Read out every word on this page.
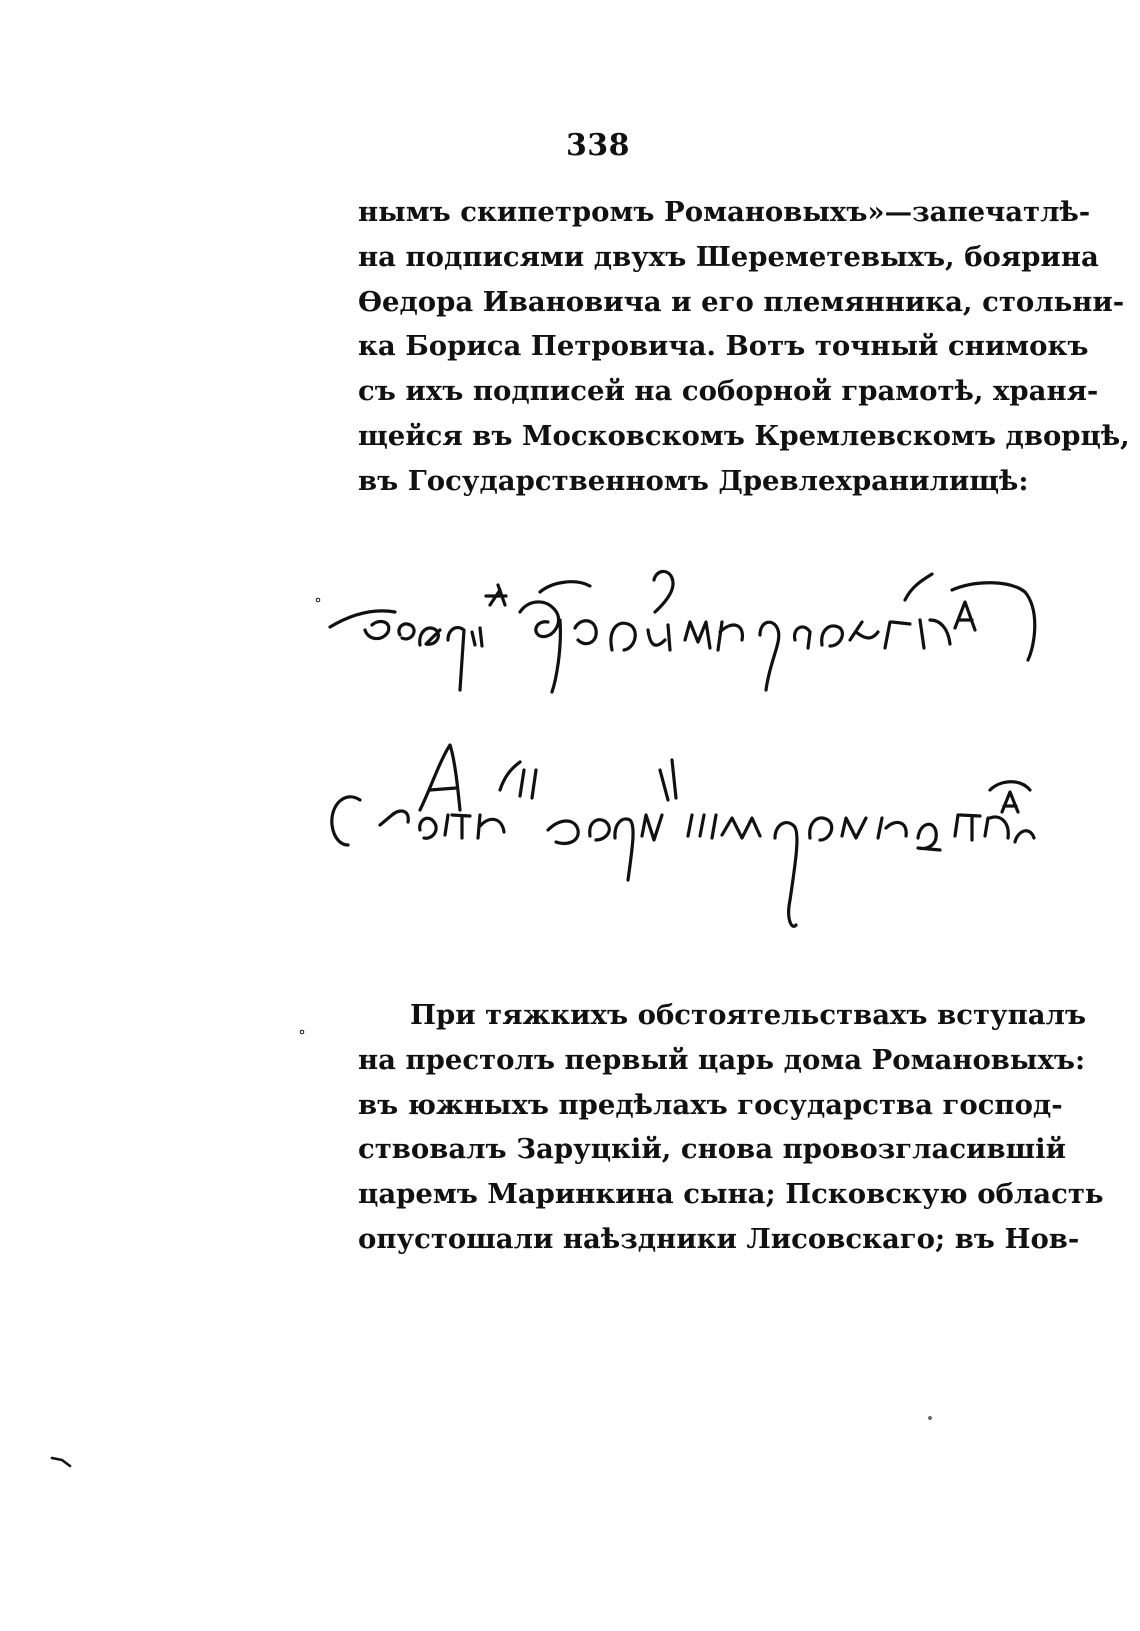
338
нымъ скипетромъ Романовыхъ»—запечатлѣ-
на подписями двухъ Шереметевыхъ, боярина
Өедора Ивановича и его племянника, стольни-
ка Бориса Петровича. Вотъ точный снимокъ
съ ихъ подписей на соборной грамотѣ, храня-
щейся въ Московскомъ Кремлевскомъ дворцѣ,
въ Государственномъ Древлехранилищѣ:
При тяжкихъ обстоятельствахъ вступалъ
на престолъ первый царь дома Романовыхъ:
въ южныхъ предѣлахъ государства господ-
ствовалъ Заруцкій, снова провозгласившій
царемъ Маринкина сына; Псковскую область
опустошали наѣздники Лисовскаго; въ Нов-
